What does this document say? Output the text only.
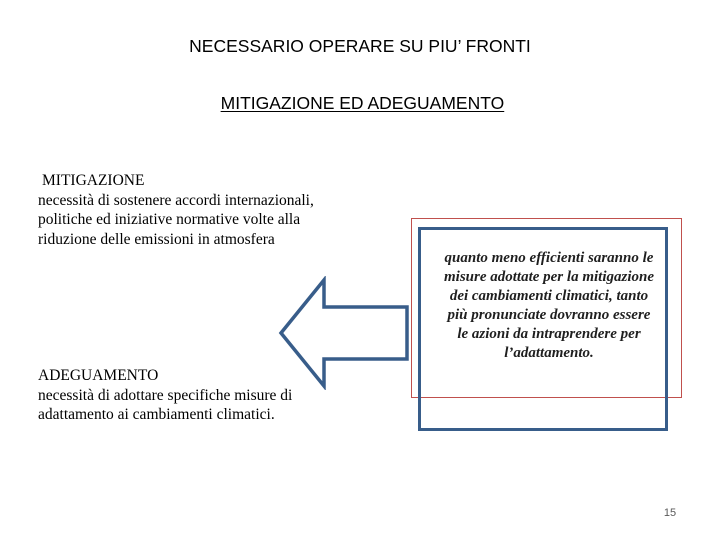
NECESSARIO OPERARE SU PIU’ FRONTI
MITIGAZIONE ED ADEGUAMENTO
MITIGAZIONE
necessità di sostenere accordi internazionali,
politiche ed iniziative normative volte alla
riduzione delle emissioni in atmosfera
ADEGUAMENTO
necessità di adottare specifiche misure di
adattamento ai cambiamenti climatici.
quanto meno efficienti saranno le
misure adottate per la mitigazione
dei cambiamenti climatici, tanto
più pronunciate dovranno essere
le azioni da intraprendere per
l’adattamento.
15
